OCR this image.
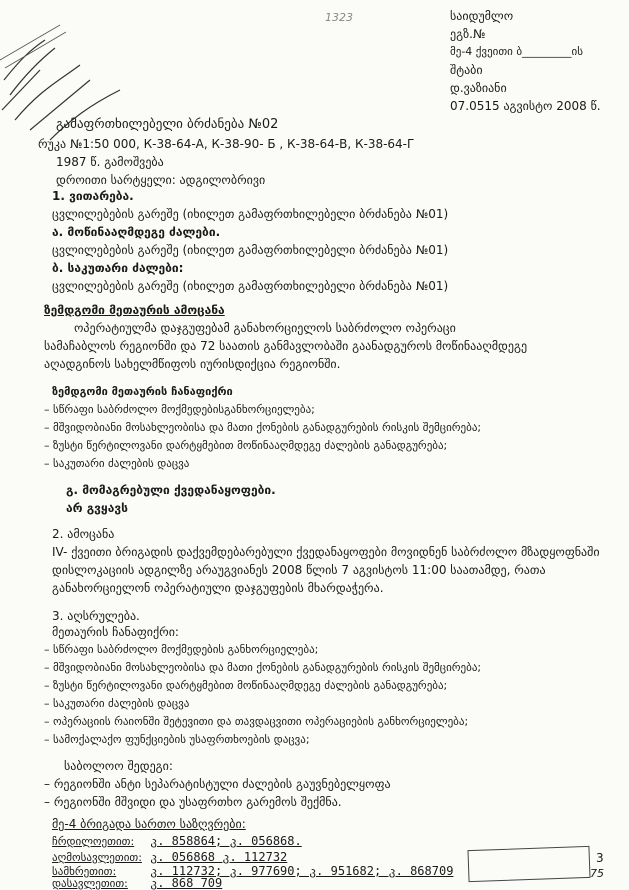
1323	საიდუმლო
ეგზ.№
მე-4 ქვეითი ბ_________ის
შტაბი
დ.ვაზიანი
07.0515 აგვისტო 2008 წ.
გამაფრთხილებელი ბრძანება №02
რუკა №1:50 000, К-38-64-А, К-38-90- Б , К-38-64-В, К-38-64-Г
1987 წ. გამოშვება
დროითი სარტყელი: ადგილობრივი
1. ვითარება.
ცვლილებების გარეშე (იხილეთ გამაფრთხილებელი ბრძანება №01)
ა. მოწინააღმდეგე ძალები.
ცვლილებების გარეშე (იხილეთ გამაფრთხილებელი ბრძანება №01)
ბ. საკუთარი ძალები:
ცვლილებების გარეშე (იხილეთ გამაფრთხილებელი ბრძანება №01)
ზემდგომი მეთაურის ამოცანა
ოპერატიულმა დაჯგუფებამ განახორციელოს საბრძოლო ოპერაცი
სამაჩაბლოს რეგიონში და 72 საათის განმავლობაში გაანადგუროს მოწინააღმდეგე
აღადგინოს სახელმწიფოს იურისდიქცია რეგიონში.
ზემდგომი მეთაურის ჩანაფიქრი
– სწრაფი საბრძოლო მოქმედებისგანხორციელება;
– მშვიდობიანი მოსახლეობისა და მათი ქონების განადგურების რისკის შემცირება;
– ზუსტი წერტილოვანი დარტყმებით მოწინააღმდეგე ძალების განადგურება;
– საკუთარი ძალების დაცვა
გ. მომაგრებული ქვედანაყოფები.
არ გვყავს
2. ამოცანა
IV- ქვეითი ბრიგადის დაქვემდებარებული ქვედანაყოფები მოვიდნენ საბრძოლო მზადყოფნაში
დისლოკაციის ადგილზე არაუგვიანეს 2008 წლის 7 აგვისტოს 11:00 საათამდე, რათა
განახორციელონ ოპერატიული დაჯგუფების მხარდაჭერა.
3. აღსრულება.
მეთაურის ჩანაფიქრი:
– სწრაფი საბრძოლო მოქმედების განხორციელება;
– მშვიდობიანი მოსახლეობისა და მათი ქონების განადგურების რისკის შემცირება;
– ზუსტი წერტილოვანი დარტყმებით მოწინააღმდეგე ძალების განადგურება;
– საკუთარი ძალების დაცვა
– ოპერაციის რაიონში შეტევითი და თავდაცვითი ოპერაციების განხორციელება;
– სამოქალაქო ფუნქციების უსაფრთხოების დაცვა;
საბოლოო შედეგი:
– რეგიონში ანტი სეპარატისტული ძალების გაუვნებელყოფა
– რეგიონში მშვიდი და უსაფრთხო გარემოს შექმნა.
მე-4 ბრიგადა სართო საზღვრები:
ჩრდილოეთით: კ. 858864; კ. 056868.
აღმოსავლეთით: კ. 056868 კ. 112732
სამხრეთით:	კ. 112732; კ. 977690; კ. 951682; კ. 868709
დასავლეთით: კ. 868 709
3
75
